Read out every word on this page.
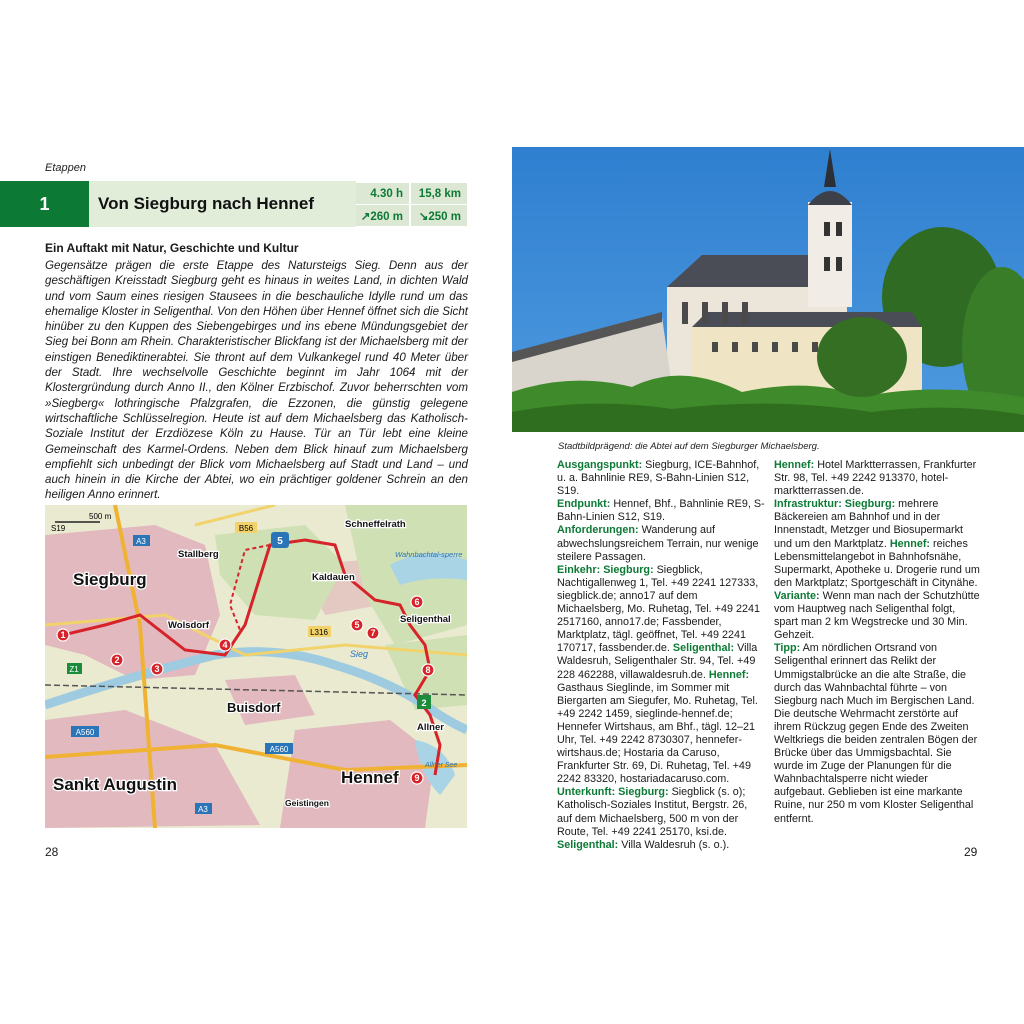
Etappen
1	Von Siegburg nach Hennef
4.30 h	15,8 km
↗260 m	↘250 m
Ein Auftakt mit Natur, Geschichte und Kultur
Gegensätze prägen die erste Etappe des Natursteigs Sieg. Denn aus der geschäftigen Kreisstadt Siegburg geht es hinaus in weites Land, in dichten Wald und vom Saum eines riesigen Stausees in die beschauliche Idylle rund um das ehemalige Kloster in Seligenthal. Von den Höhen über Hennef öffnet sich die Sicht hinüber zu den Kuppen des Siebengebirges und ins ebene Mündungsgebiet der Sieg bei Bonn am Rhein. Charakteristischer Blickfang ist der Michaelsberg mit der einstigen Benediktinerabtei. Sie thront auf dem Vulkankegel rund 40 Meter über der Stadt. Ihre wechselvolle Geschichte beginnt im Jahr 1064 mit der Klostergründung durch Anno II., den Kölner Erzbischof. Zuvor beherrschten vom »Siegberg« lothringische Pfalzgrafen, die Ezzonen, die günstig gelegene wirtschaftliche Schlüsselregion. Heute ist auf dem Michaelsberg das Katholisch-Soziale Institut der Erzdiözese Köln zu Hause. Tür an Tür lebt eine kleine Gemeinschaft des Karmel-Ordens. Neben dem Blick hinauf zum Michaelsberg empfiehlt sich unbedingt der Blick vom Michaelsberg auf Stadt und Land – und auch hinein in die Kirche der Abtei, wo ein prächtiger goldener Schrein an den heiligen Anno erinnert.
1
2
3
4
5
6
7
8
9
5
2
A3
B56
L316
A560
A560
A3
Z1
S19
500 m
Siegburg
Sankt Augustin	Hennef
Buisdorf
Stallberg
Wolsdorf
Kaldauen
Schneffelrath
Seligenthal
Allner
Geistingen
Sieg
Wahnbachtal-sperre
Allner See
28
Stadtbildprägend: die Abtei auf dem Siegburger Michaelsberg.

Ausgangspunkt: Siegburg, ICE-Bahnhof, u. a. Bahnlinie RE9, S-Bahn-Linien S12, S19.

Endpunkt: Hennef, Bhf., Bahnlinie RE9, S-Bahn-Linien S12, S19.

Anforderungen: Wanderung auf abwechslungsreichem Terrain, nur wenige steilere Passagen.

Einkehr: Siegburg: Siegblick, Nachtigallenweg 1, Tel. +49 2241 127333, siegblick.de; anno17 auf dem Michaelsberg, Mo. Ruhetag, Tel. +49 2241 2517160, anno17.de; Fassbender, Marktplatz, tägl. geöffnet, Tel. +49 2241 170717, fassbender.de. Seligenthal: Villa Waldesruh, Seligenthaler Str. 94, Tel. +49 228 462288, villawaldesruh.de. Hennef: Gasthaus Sieglinde, im Sommer mit Biergarten am Siegufer, Mo. Ruhetag, Tel. +49 2242 1459, sieglinde-hennef.de; Hennefer Wirtshaus, am Bhf., tägl. 12–21 Uhr, Tel. +49 2242 8730307, henneferwirtshaus.de; Hostaria da Caruso, Frankfurter Str. 69, Di. Ruhetag, Tel. +49 2242 83320, hostariadacaruso.com.

Unterkunft: Siegburg: Siegblick (s. o); Katholisch-Soziales Institut, Bergstr. 26, auf dem Michaelsberg, 500 m von der Route, Tel. +49 2241 25170, ksi.de. Seligenthal: Villa Waldesruh (s. o.).

Hennef: Hotel Marktterrassen, Frankfurter Str. 98, Tel. +49 2242 913370, hotel-marktterrassen.de.

Infrastruktur: Siegburg: mehrere Bäckereien am Bahnhof und in der Innenstadt, Metzger und Biosupermarkt und um den Marktplatz. Hennef: reiches Lebensmittelangebot in Bahnhofsnähe, Supermarkt, Apotheke u. Drogerie rund um den Marktplatz; Sportgeschäft in Citynähe.

Variante: Wenn man nach der Schutzhütte vom Hauptweg nach Seligenthal folgt, spart man 2 km Wegstrecke und 30 Min. Gehzeit.

Tipp: Am nördlichen Ortsrand von Seligenthal erinnert das Relikt der Ummigstalbrücke an die alte Straße, die durch das Wahnbachtal führte – von Siegburg nach Much im Bergischen Land. Die deutsche Wehrmacht zerstörte auf ihrem Rückzug gegen Ende des Zweiten Weltkriegs die beiden zentralen Bögen der Brücke über das Ummigsbachtal. Sie wurde im Zuge der Planungen für die Wahnbachtalsperre nicht wieder aufgebaut. Geblieben ist eine markante Ruine, nur 250 m vom Kloster Seligenthal entfernt.

29
